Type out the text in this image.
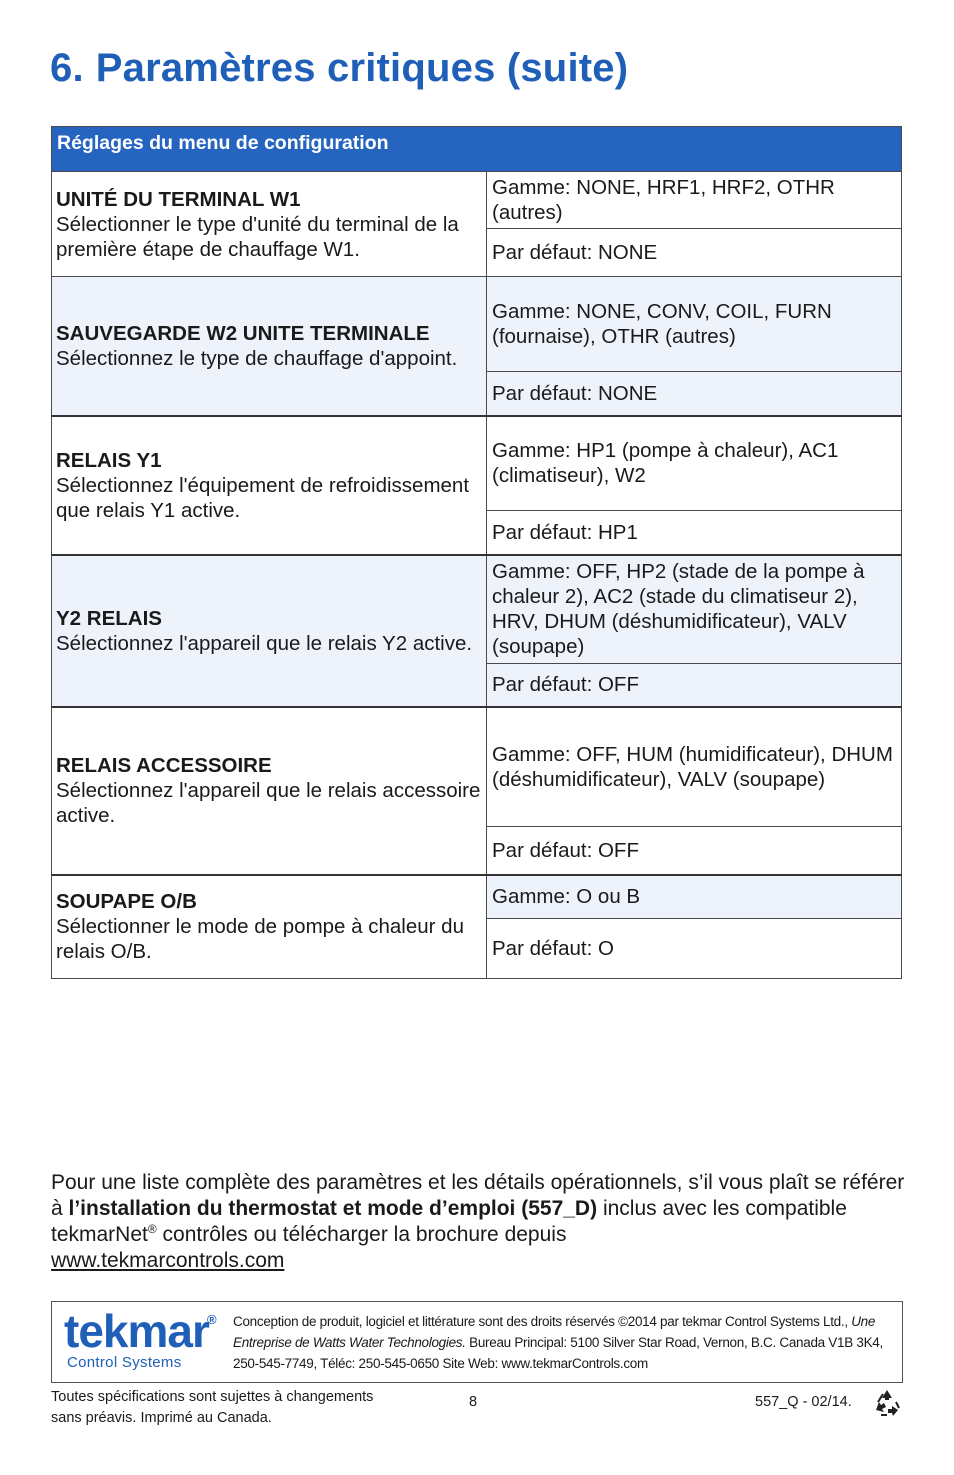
6. Paramètres critiques (suite)
Réglages du menu de configuration	

UNITÉ DU TERMINAL W1
Sélectionner le type d'unité du terminal de la première étape de chauffage W1.	Gamme: NONE, HRF1, HRF2, OTHR (autres)
	Par défaut: NONE

SAUVEGARDE W2 UNITE TERMINALE
Sélectionnez le type de chauffage d'appoint.	Gamme: NONE, CONV, COIL, FURN (fournaise), OTHR (autres)
	Par défaut: NONE

RELAIS Y1
Sélectionnez l'équipement de refroidissement que relais Y1 active.	Gamme: HP1 (pompe à chaleur), AC1 (climatiseur), W2
	Par défaut: HP1

Y2 RELAIS
Sélectionnez l'appareil que le relais Y2 active.	Gamme: OFF, HP2 (stade de la pompe à chaleur 2), AC2 (stade du climatiseur 2), HRV, DHUM (déshumidificateur), VALV (soupape)
	Par défaut: OFF

RELAIS ACCESSOIRE
Sélectionnez l'appareil que le relais accessoire active.	Gamme: OFF, HUM (humidificateur), DHUM (déshumidificateur), VALV (soupape)
	Par défaut: OFF

SOUPAPE O/B
Sélectionner le mode de pompe à chaleur du relais O/B.	Gamme: O ou B
	Par défaut: O

Pour une liste complète des paramètres et les détails opérationnels, s’il vous plaît se référer à l’installation du thermostat et mode d’emploi (557_D) inclus avec les compatible tekmarNet® contrôles ou télécharger la brochure depuis
www.tekmarcontrols.com

tekmar
®
Control Systems
Conception de produit, logiciel et littérature sont des droits réservés ©2014 par tekmar Control Systems Ltd., Une Entreprise de Watts Water Technologies. Bureau Principal: 5100 Silver Star Road, Vernon, B.C. Canada V1B 3K4, 250-545-7749, Téléc: 250-545-0650 Site Web: www.tekmarControls.com
Toutes spécifications sont sujettes à changements
sans préavis. Imprimé au Canada.
8	557_Q - 02/14.
